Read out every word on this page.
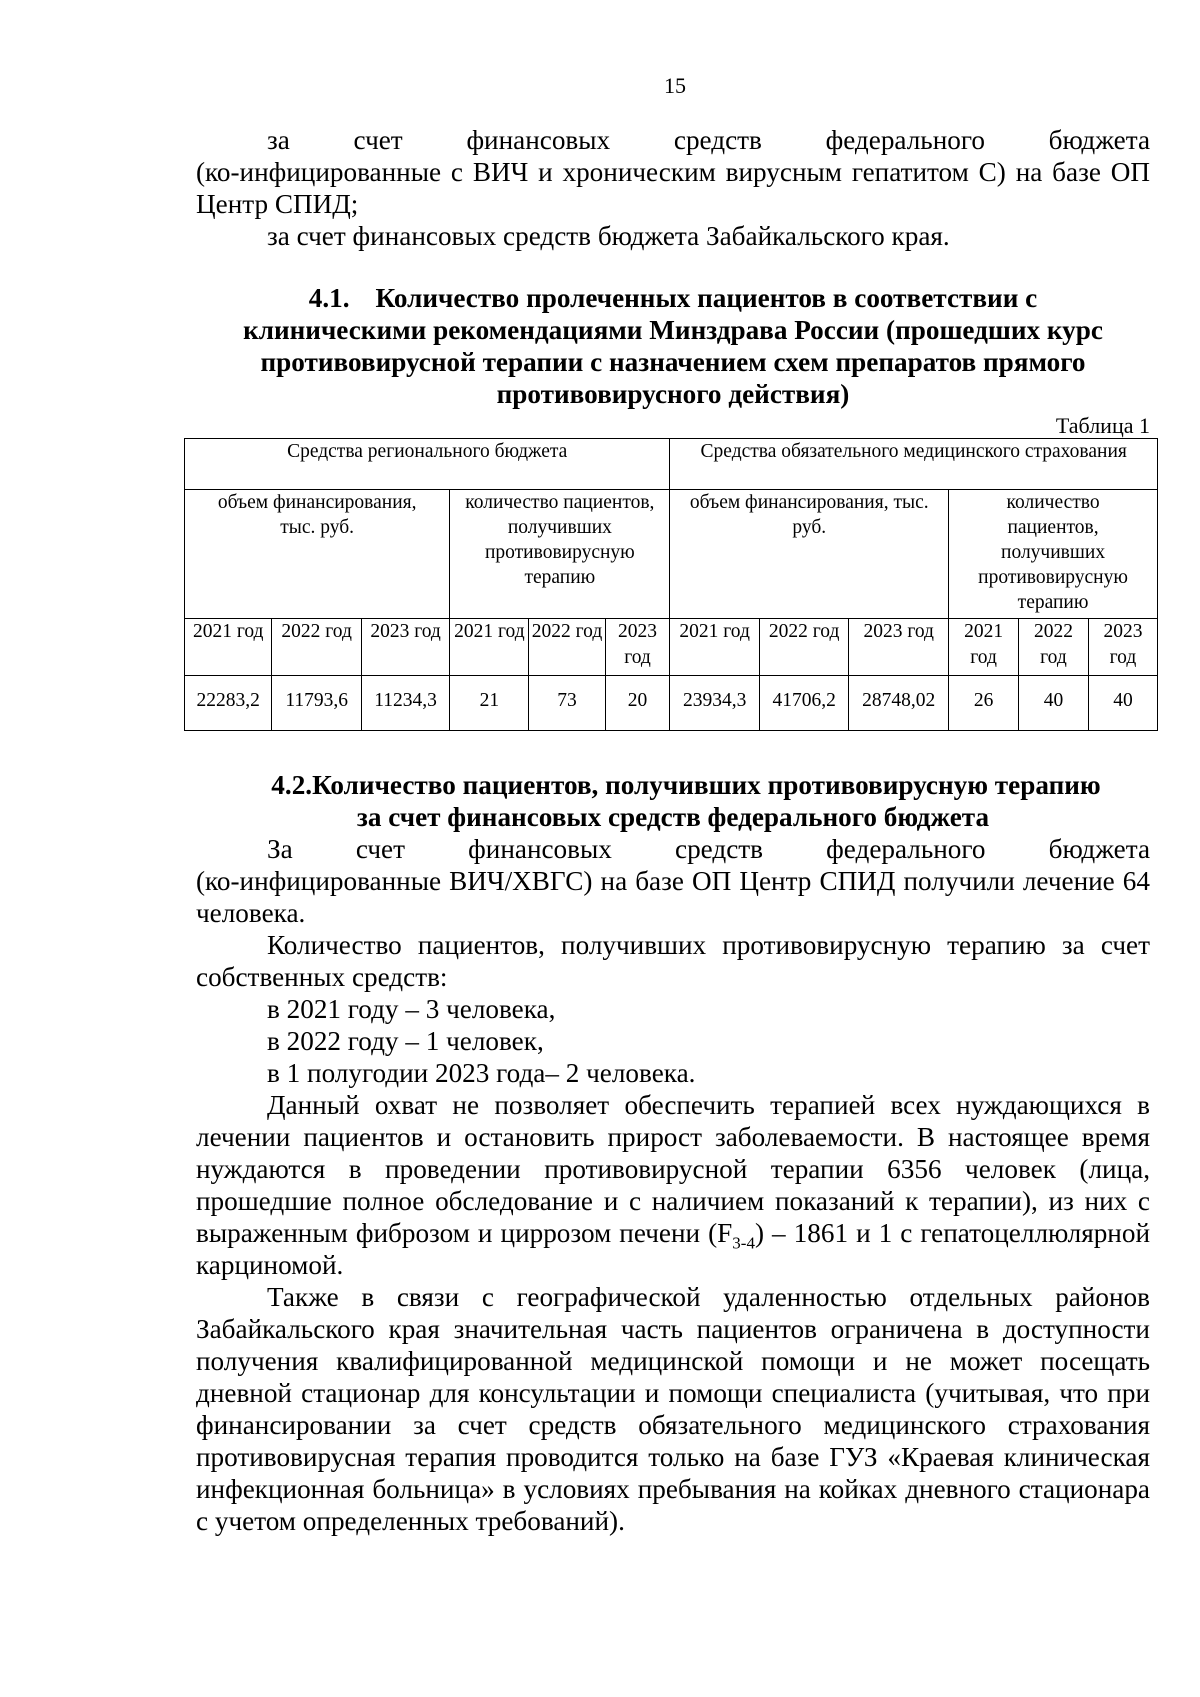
15

за счет финансовых средств федерального бюджета

(ко-инфицированные с ВИЧ и хроническим вирусным гепатитом С) на базе ОП Центр СПИД;

за счет финансовых средств бюджета Забайкальского края.

4.1. Количество пролеченных пациентов в соответствии с
клиническими рекомендациями Минздрава России (прошедших курс противовирусной терапии с назначением схем препаратов прямого противовирусного действия)
Таблица 1
Средства регионального бюджета						Средства обязательного медицинского страхования					
объем финансирования, тыс. руб.			количество пациентов, получивших противовирусную терапию			объем финансирования, тыс. руб.			количество пациентов, получивших противовирусную терапию		
2021 год	2022 год	2023 год	2021 год	2022 год	2023 год	2021 год	2022 год	2023 год	2021 год	2022 год	2023 год
22283,2	11793,6	11234,3	21	73	20	23934,3	41706,2	28748,02	26	40	40
4.2.Количество пациентов, получивших противовирусную терапию
за счет финансовых средств федерального бюджета

За счет финансовых средств федерального бюджета

(ко-инфицированные ВИЧ/ХВГС) на базе ОП Центр СПИД получили лечение 64 человека.

Количество пациентов, получивших противовирусную терапию за счет собственных средств:

в 2021 году – 3 человека,

в 2022 году – 1 человек,

в 1 полугодии 2023 года– 2 человека.

Данный охват не позволяет обеспечить терапией всех нуждающихся в лечении пациентов и остановить прирост заболеваемости. В настоящее время нуждаются в проведении противовирусной терапии 6356 человек (лица, прошедшие полное обследование и с наличием показаний к терапии), из них с выраженным фиброзом и циррозом печени $(F_{3-4}) - 1861$ и 1 с гепатоцеллюлярной карциномой.

Также в связи с географической удаленностью отдельных районов Забайкальского края значительная часть пациентов ограничена в доступности получения квалифицированной медицинской помощи и не может посещать дневной стационар для консультации и помощи специалиста (учитывая, что при финансировании за счет средств обязательного медицинского страхования противовирусная терапия проводится только на базе ГУЗ «Краевая клиническая инфекционная больница» в условиях пребывания на койках дневного стационара с учетом определенных требований).
